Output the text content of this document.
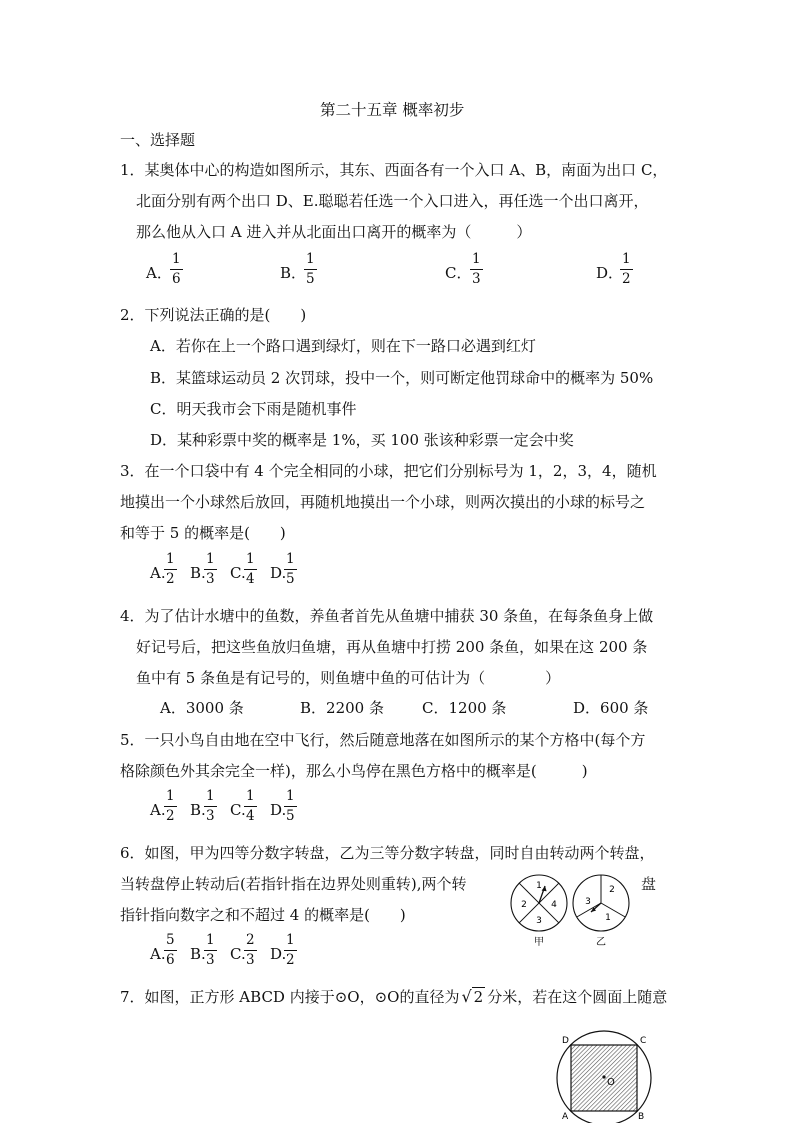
第二十五章 概率初步
一、选择题
1．某奥体中心的构造如图所示，其东、西面各有一个入口 A、B，南面为出口 C，
北面分别有两个出口 D、E.聪聪若任选一个入口进入，再任选一个出口离开，
那么他从入口 A 进入并从北面出口离开的概率为（　　　）
A．
$\frac{1}{6}$	B．
$\frac{1}{5}$	C．
$\frac{1}{3}$	D．
$\frac{1}{2}$
2．下列说法正确的是(　　)
A．若你在上一个路口遇到绿灯，则在下一路口必遇到红灯
B．某篮球运动员 2 次罚球，投中一个，则可断定他罚球命中的概率为 50%
C．明天我市会下雨是随机事件
D．某种彩票中奖的概率是 1%，买 100 张该种彩票一定会中奖
3．在一个口袋中有 4 个完全相同的小球，把它们分别标号为 1，2，3，4，随机
地摸出一个小球然后放回，再随机地摸出一个小球，则两次摸出的小球的标号之
和等于 5 的概率是(　　)
A.
$\frac{1}{2} B$.
$\frac{1}{3} C$.
$\frac{1}{4} D$.
$\frac{1}{5}$
4．为了估计水塘中的鱼数，养鱼者首先从鱼塘中捕获 30 条鱼，在每条鱼身上做
好记号后，把这些鱼放归鱼塘，再从鱼塘中打捞 200 条鱼，如果在这 200 条
鱼中有 5 条鱼是有记号的，则鱼塘中鱼的可估计为（　　　　）
A．3000 条	B．2200 条	C．1200 条	D．600 条
5．一只小鸟自由地在空中飞行，然后随意地落在如图所示的某个方格中(每个方
格除颜色外其余完全一样)，那么小鸟停在黑色方格中的概率是(　　　)
A.
$\frac{1}{2} B$.
$\frac{1}{3} C$.
$\frac{1}{4} D$.
$\frac{1}{5}$
6．如图，甲为四等分数字转盘，乙为三等分数字转盘，同时自由转动两个转盘，
当转盘停止转动后(若指针指在边界处则重转),两个转	盘
指针指向数字之和不超过 4 的概率是(　　)
A.
$\frac{5}{6} B$.
$\frac{1}{3} C$.
$\frac{2}{3} D$.
$\frac{1}{2}$
1
2
3
4
甲
2
3
1
乙
7．如图，正方形 ABCD 内接于⊙O，⊙O的直径为 √ 2 分米，若在这个圆面上随意
O
D	C
A	B
